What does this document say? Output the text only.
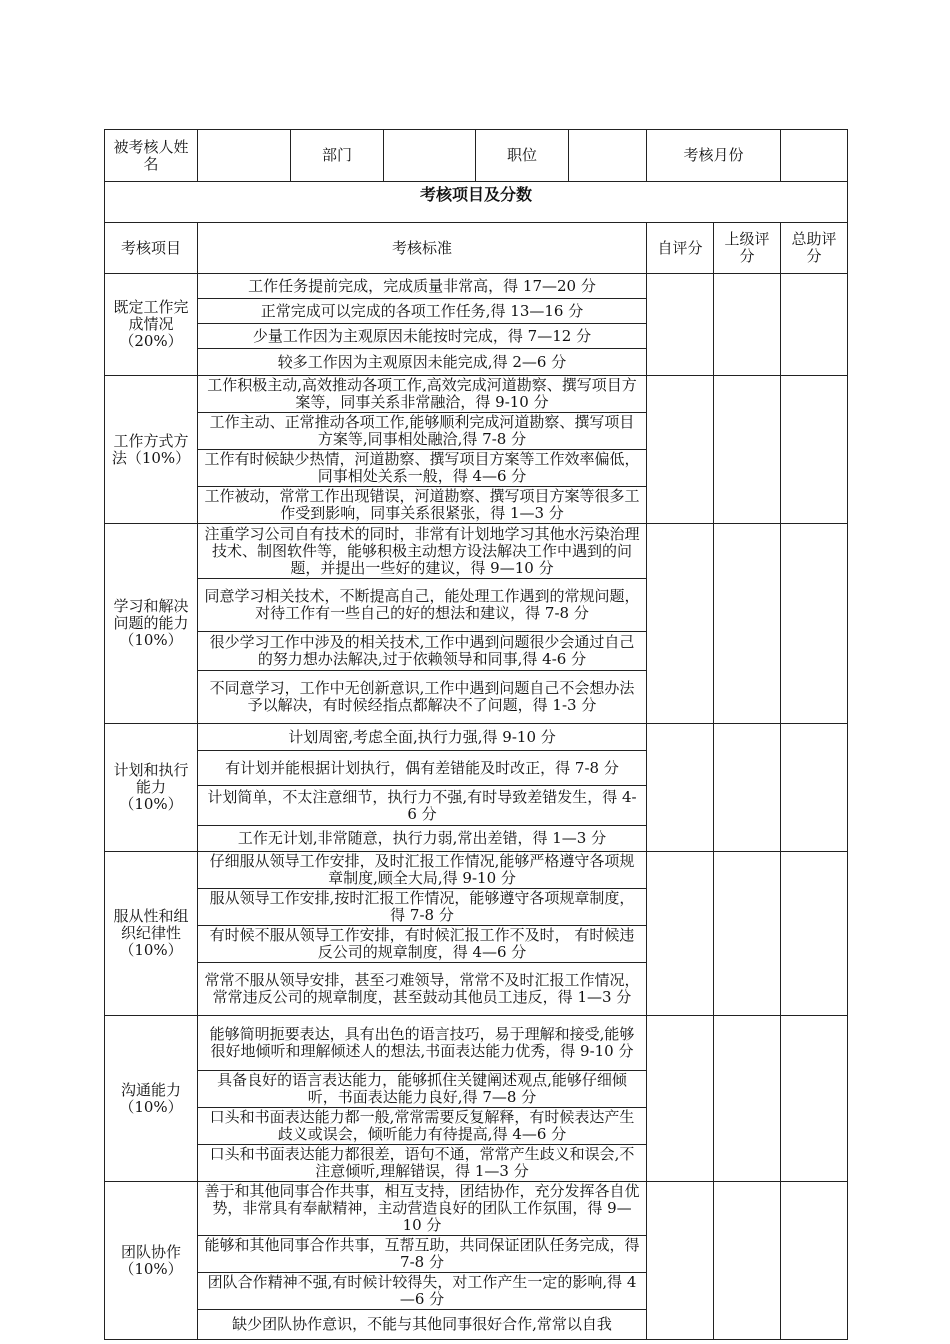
被考核人姓名		部门		职位		考核月份		
考核项目及分数								
考核项目	考核标准					自评分	上级评分	总助评分
既定工作完成情况（20%）	工作任务提前完成，完成质量非常高，得 17—20 分							
	正常完成可以完成的各项工作任务,得 13—16 分							
	少量工作因为主观原因未能按时完成，得 7—12 分							
	较多工作因为主观原因未能完成,得 2—6 分							
工作方式方法（10%）	工作积极主动,高效推动各项工作,高效完成河道勘察、撰写项目方案等，同事关系非常融洽，得 9-10 分							
	工作主动、正常推动各项工作,能够顺利完成河道勘察、撰写项目方案等,同事相处融洽,得 7-8 分							
	工作有时候缺少热情，河道勘察、撰写项目方案等工作效率偏低，同事相处关系一般，得 4—6 分							
	工作被动，常常工作出现错误，河道勘察、撰写项目方案等很多工作受到影响，同事关系很紧张，得 1—3 分							
学习和解决问题的能力（10%）	注重学习公司自有技术的同时，非常有计划地学习其他水污染治理技术、制图软件等，能够积极主动想方设法解决工作中遇到的问题，并提出一些好的建议，得 9—10 分							
	同意学习相关技术，不断提高自己，能处理工作遇到的常规问题，对待工作有一些自己的好的想法和建议，得 7-8 分							
	很少学习工作中涉及的相关技术,工作中遇到问题很少会通过自己的努力想办法解决,过于依赖领导和同事,得 4-6 分							
	不同意学习，工作中无创新意识,工作中遇到问题自己不会想办法予以解决，有时候经指点都解决不了问题，得 1-3 分							
计划和执行能力（10%）	计划周密,考虑全面,执行力强,得 9-10 分							
	有计划并能根据计划执行，偶有差错能及时改正，得 7-8 分							
	计划简单，不太注意细节，执行力不强,有时导致差错发生，得 4-6 分							
	工作无计划,非常随意，执行力弱,常出差错，得 1—3 分							
服从性和组织纪律性（10%）	仔细服从领导工作安排，及时汇报工作情况,能够严格遵守各项规章制度,顾全大局,得 9-10 分							
	服从领导工作安排,按时汇报工作情况，能够遵守各项规章制度，得 7-8 分							
	有时候不服从领导工作安排，有时候汇报工作不及时， 有时候违反公司的规章制度，得 4—6 分							
	常常不服从领导安排，甚至刁难领导，常常不及时汇报工作情况，常常违反公司的规章制度，甚至鼓动其他员工违反，得 1—3 分							
沟通能力（10%）	能够简明扼要表达，具有出色的语言技巧，易于理解和接受,能够很好地倾听和理解倾述人的想法,书面表达能力优秀，得 9-10 分							
	具备良好的语言表达能力，能够抓住关键阐述观点,能够仔细倾听，书面表达能力良好,得 7—8 分							
	口头和书面表达能力都一般,常常需要反复解释，有时候表达产生歧义或误会，倾听能力有待提高,得 4—6 分							
	口头和书面表达能力都很差，语句不通，常常产生歧义和误会,不注意倾听,理解错误，得 1—3 分							
团队协作（10%）	善于和其他同事合作共事，相互支持，团结协作，充分发挥各自优势，非常具有奉献精神，主动营造良好的团队工作氛围，得 9—10 分							
	能够和其他同事合作共事，互帮互助，共同保证团队任务完成，得 7-8 分							
	团队合作精神不强,有时候计较得失，对工作产生一定的影响,得 4—6 分							
	缺少团队协作意识，不能与其他同事很好合作,常常以自我							
